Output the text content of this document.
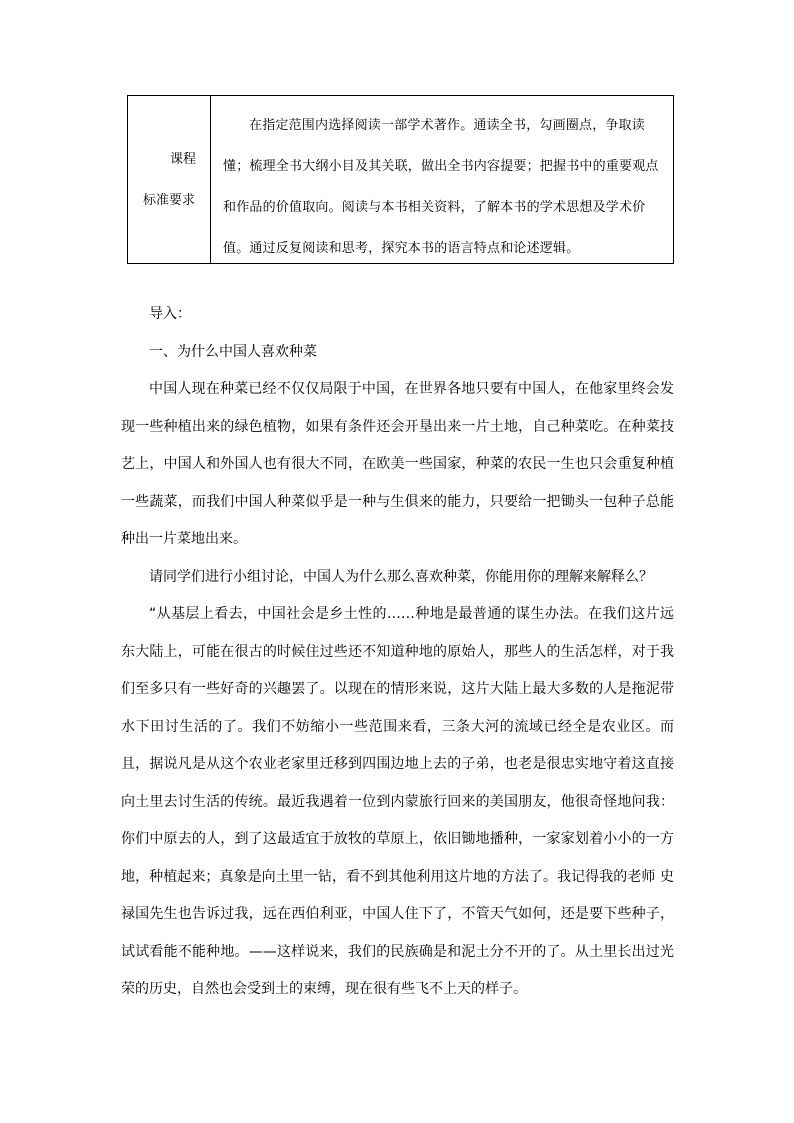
课程
标准要求
在指定范围内选择阅读一部学术著作。通读全书，勾画圈点，争取读懂；梳理全书大纲小目及其关联，做出全书内容提要；把握书中的重要观点和作品的价值取向。阅读与本书相关资料，了解本书的学术思想及学术价值。通过反复阅读和思考，探究本书的语言特点和论述逻辑。

导入：

一、为什么中国人喜欢种菜

中国人现在种菜已经不仅仅局限于中国，在世界各地只要有中国人，在他家里终会发现一些种植出来的绿色植物，如果有条件还会开垦出来一片土地，自己种菜吃。在种菜技艺上，中国人和外国人也有很大不同，在欧美一些国家，种菜的农民一生也只会重复种植一些蔬菜，而我们中国人种菜似乎是一种与生俱来的能力，只要给一把锄头一包种子总能种出一片菜地出来。

请同学们进行小组讨论，中国人为什么那么喜欢种菜，你能用你的理解来解释么？

“从基层上看去，中国社会是乡土性的……种地是最普通的谋生办法。在我们这片远东大陆上，可能在很古的时候住过些还不知道种地的原始人，那些人的生活怎样，对于我们至多只有一些好奇的兴趣罢了。以现在的情形来说，这片大陆上最大多数的人是拖泥带水下田讨生活的了。我们不妨缩小一些范围来看，三条大河的流域已经全是农业区。而且，据说凡是从这个农业老家里迁移到四围边地上去的子弟，也老是很忠实地守着这直接向土里去讨生活的传统。最近我遇着一位到内蒙旅行回来的美国朋友，他很奇怪地问我：你们中原去的人，到了这最适宜于放牧的草原上，依旧锄地播种，一家家划着小小的一方地，种植起来；真象是向土里一钻，看不到其他利用这片地的方法了。我记得我的老师 史禄国先生也告诉过我，远在西伯利亚，中国人住下了，不管天气如何，还是要下些种子，试试看能不能种地。——这样说来，我们的民族确是和泥土分不开的了。从土里长出过光荣的历史，自然也会受到土的束缚，现在很有些飞不上天的样子。
